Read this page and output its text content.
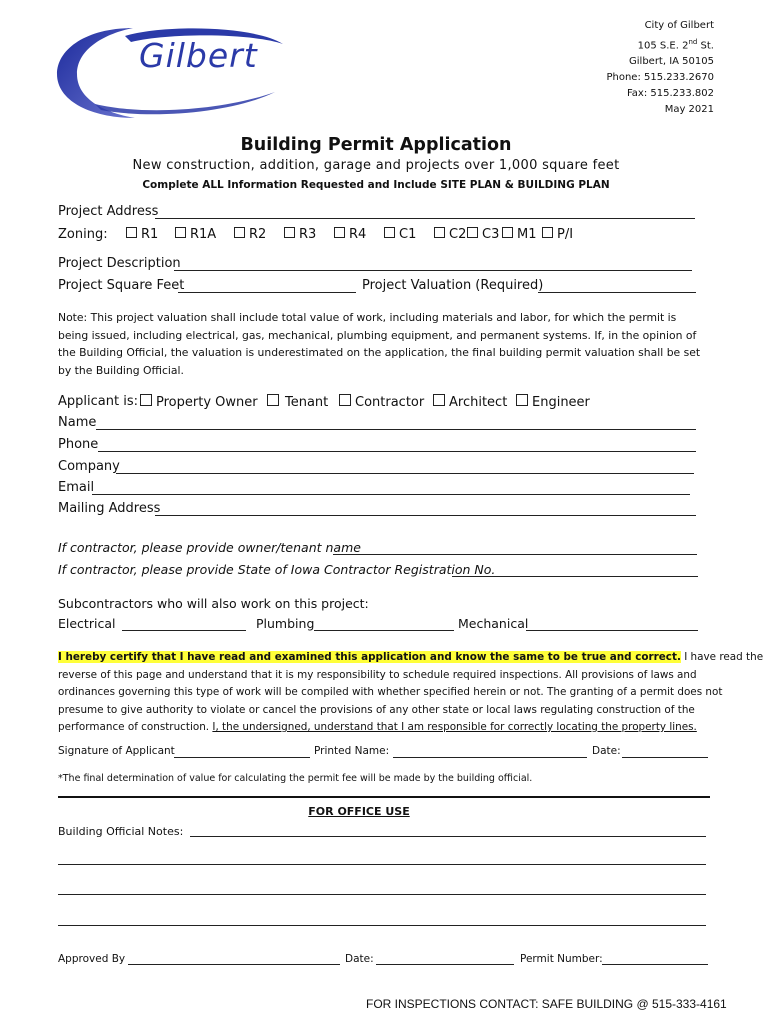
Gilbert
City of Gilbert
105 S.E. 2nd St.
Gilbert, IA 50105
Phone: 515.233.2670
Fax: 515.233.802
May 2021
Building Permit Application
New construction, addition, garage and projects over 1,000 square feet
Complete ALL Information Requested and Include SITE PLAN & BUILDING PLAN
Project Address
Zoning:	R1	R1A	R2	R3	R4	C1	C2	C3	M1	P/I
Project Description
Project Square Feet	Project Valuation (Required)
Note: This project valuation shall include total value of work, including materials and labor, for which the permit is being issued, including electrical, gas, mechanical, plumbing equipment, and permanent systems. If, in the opinion of the Building Official, the valuation is underestimated on the application, the final building permit valuation shall be set by the Building Official.
Applicant is:	Property Owner	Tenant	Contractor	Architect	Engineer
Name
Phone
Company
Email
Mailing Address
If contractor, please provide owner/tenant name
If contractor, please provide State of Iowa Contractor Registration No.
Subcontractors who will also work on this project:
Electrical	Plumbing	Mechanical
I hereby certify that I have read and examined this application and know the same to be true and correct. I have read the
reverse of this page and understand that it is my responsibility to schedule required inspections. All provisions of laws and
ordinances governing this type of work will be compiled with whether specified herein or not. The granting of a permit does not
presume to give authority to violate or cancel the provisions of any other state or local laws regulating construction of the
performance of construction. I, the undersigned, understand that I am responsible for correctly locating the property lines.
Signature of Applicant	Printed Name:	Date:
*The final determination of value for calculating the permit fee will be made by the building official.
FOR OFFICE USE
Building Official Notes:
Approved By	Date:	Permit Number:
FOR INSPECTIONS CONTACT: SAFE BUILDING @ 515-333-4161
